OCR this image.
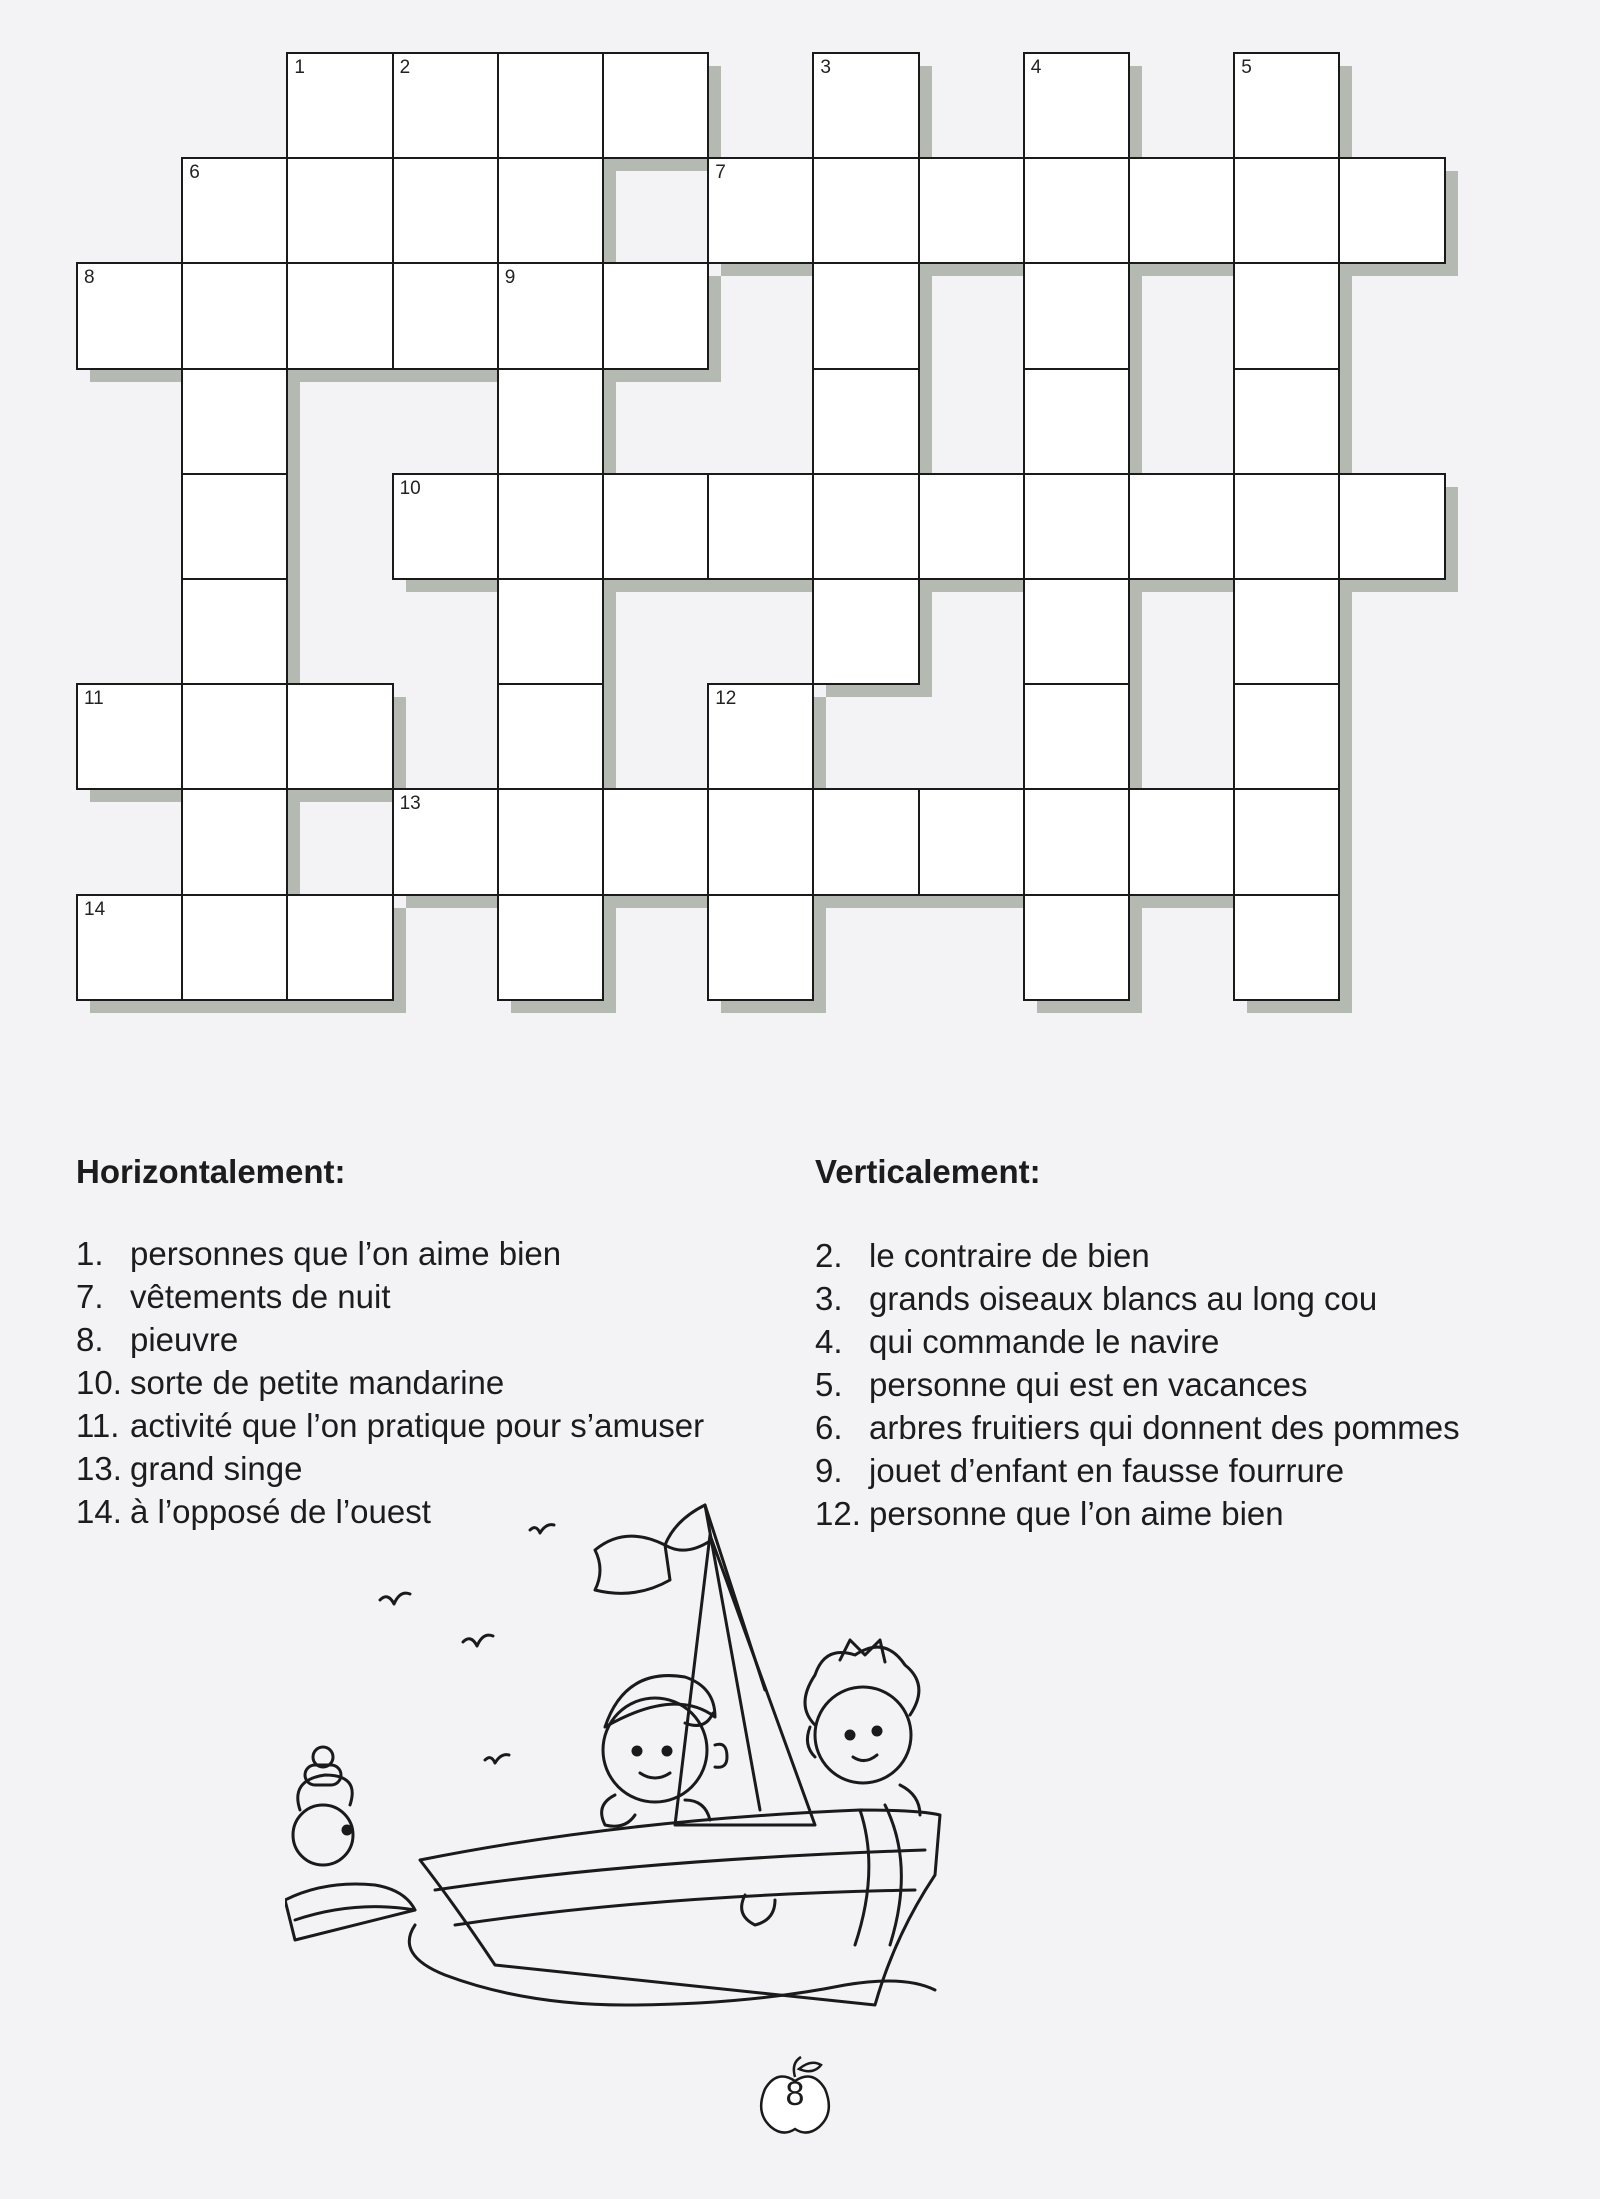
1	2	3	4	5
6	7
8	9
10
11	12
13
14
Horizontalement:
1. personnes que l’on aime bien
7. vêtements de nuit
8. pieuvre
10. sorte de petite mandarine
11. activité que l’on pratique pour s’amuser
13. grand singe
14. à l’opposé de l’ouest
Verticalement:
2. le contraire de bien
3. grands oiseaux blancs au long cou
4. qui commande le navire
5. personne qui est en vacances
6. arbres fruitiers qui donnent des pommes
9. jouet d’enfant en fausse fourrure
12. personne que l’on aime bien
8
